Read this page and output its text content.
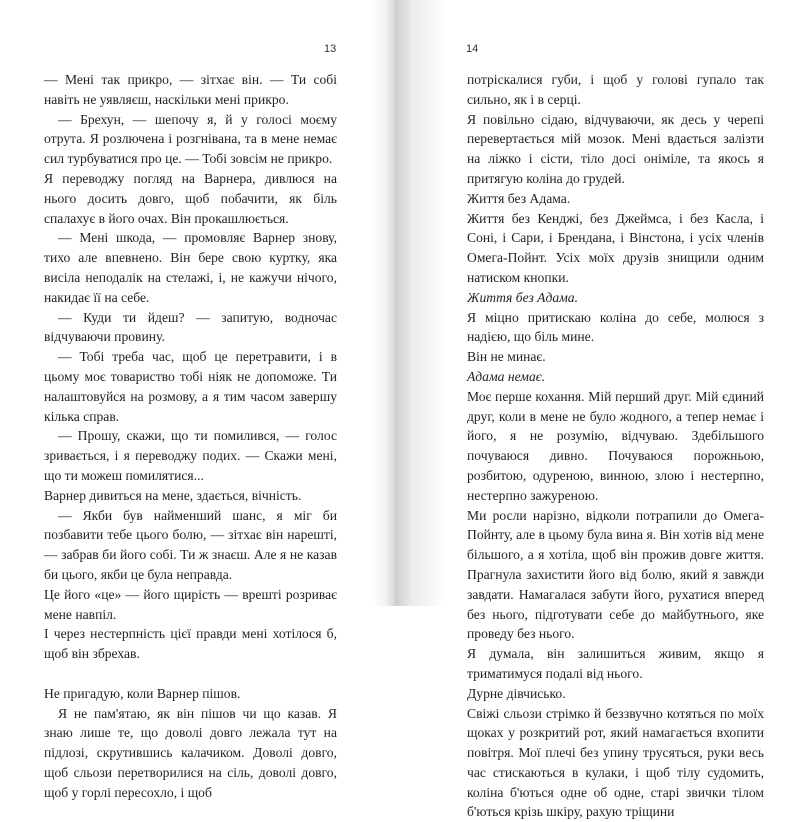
13

— Мені так прикро, — зітхає він. — Ти собі навіть не уявляєш, наскільки мені прикро.

— Брехун, — шепочу я, й у голосі моєму отрута. Я розлючена і розгнівана, та в мене немає сил турбуватися про це. — Тобі зовсім не прикро.

Я переводжу погляд на Варнера, дивлюся на нього досить довго, щоб побачити, як біль спалахує в його очах. Він прокашлюється.

— Мені шкода, — промовляє Варнер знову, тихо але впевнено. Він бере свою куртку, яка висіла неподалік на стелажі, і, не кажучи нічого, накидає її на себе.

— Куди ти йдеш? — запитую, водночас відчуваючи провину.

— Тобі треба час, щоб це перетравити, і в цьому моє товариство тобі ніяк не допоможе. Ти налаштовуйся на розмову, а я тим часом завершу кілька справ.

— Прошу, скажи, що ти помилився, — голос зривається, і я переводжу подих. — Скажи мені, що ти можеш помилятися...

Варнер дивиться на мене, здається, вічність.

— Якби був найменший шанс, я міг би позбавити тебе цього болю, — зітхає він нарешті, — забрав би його собі. Ти ж знаєш. Але я не казав би цього, якби це була неправда.

Це його «це» — його щирість — врешті розриває мене навпіл.

І через нестерпність цієї правди мені хотілося б, щоб він збрехав.

Не пригадую, коли Варнер пішов.

Я не пам'ятаю, як він пішов чи що казав. Я знаю лише те, що доволі довго лежала тут на підлозі, скрутившись калачиком. Доволі довго, щоб сльози перетворилися на сіль, доволі довго, щоб у горлі пересохло, і щоб

14

потріскалися губи, і щоб у голові гупало так сильно, як і в серці.

Я повільно сідаю, відчуваючи, як десь у черепі перевертається мій мозок. Мені вдається залізти на ліжко і сісти, тіло досі оніміле, та якось я притягую коліна до грудей.

Життя без Адама.

Життя без Кенджі, без Джеймса, і без Касла, і Соні, і Сари, і Брендана, і Вінстона, і усіх членів Омега-Пойнт. Усіх моїх друзів знищили одним натиском кнопки.

Життя без Адама.

Я міцно притискаю коліна до себе, молюся з надією, що біль мине.

Він не минає.

Адама немає.

Моє перше кохання. Мій перший друг. Мій єдиний друг, коли в мене не було жодного, а тепер немає і його, я не розумію, відчуваю. Здебільшого почуваюся дивно. Почуваюся порожньою, розбитою, одуреною, винною, злою і нестерпно, нестерпно зажуреною.

Ми росли нарізно, відколи потрапили до Омега-Пойнту, але в цьому була вина я. Він хотів від мене більшого, а я хотіла, щоб він прожив довге життя. Прагнула захистити його від болю, який я завжди завдати. Намагалася забути його, рухатися вперед без нього, підготувати себе до майбутнього, яке проведу без нього.

Я думала, він залишиться живим, якщо я триматимуся подалі від нього.

Дурне дівчисько.

Свіжі сльози стрімко й беззвучно котяться по моїх щоках у розкритий рот, який намагається вхопити повітря. Мої плечі без упину трусяться, руки весь час стискаються в кулаки, і щоб тілу судомить, коліна б'ються одне об одне, старі звички тілом б'ються крізь шкіру, рахую тріщини
